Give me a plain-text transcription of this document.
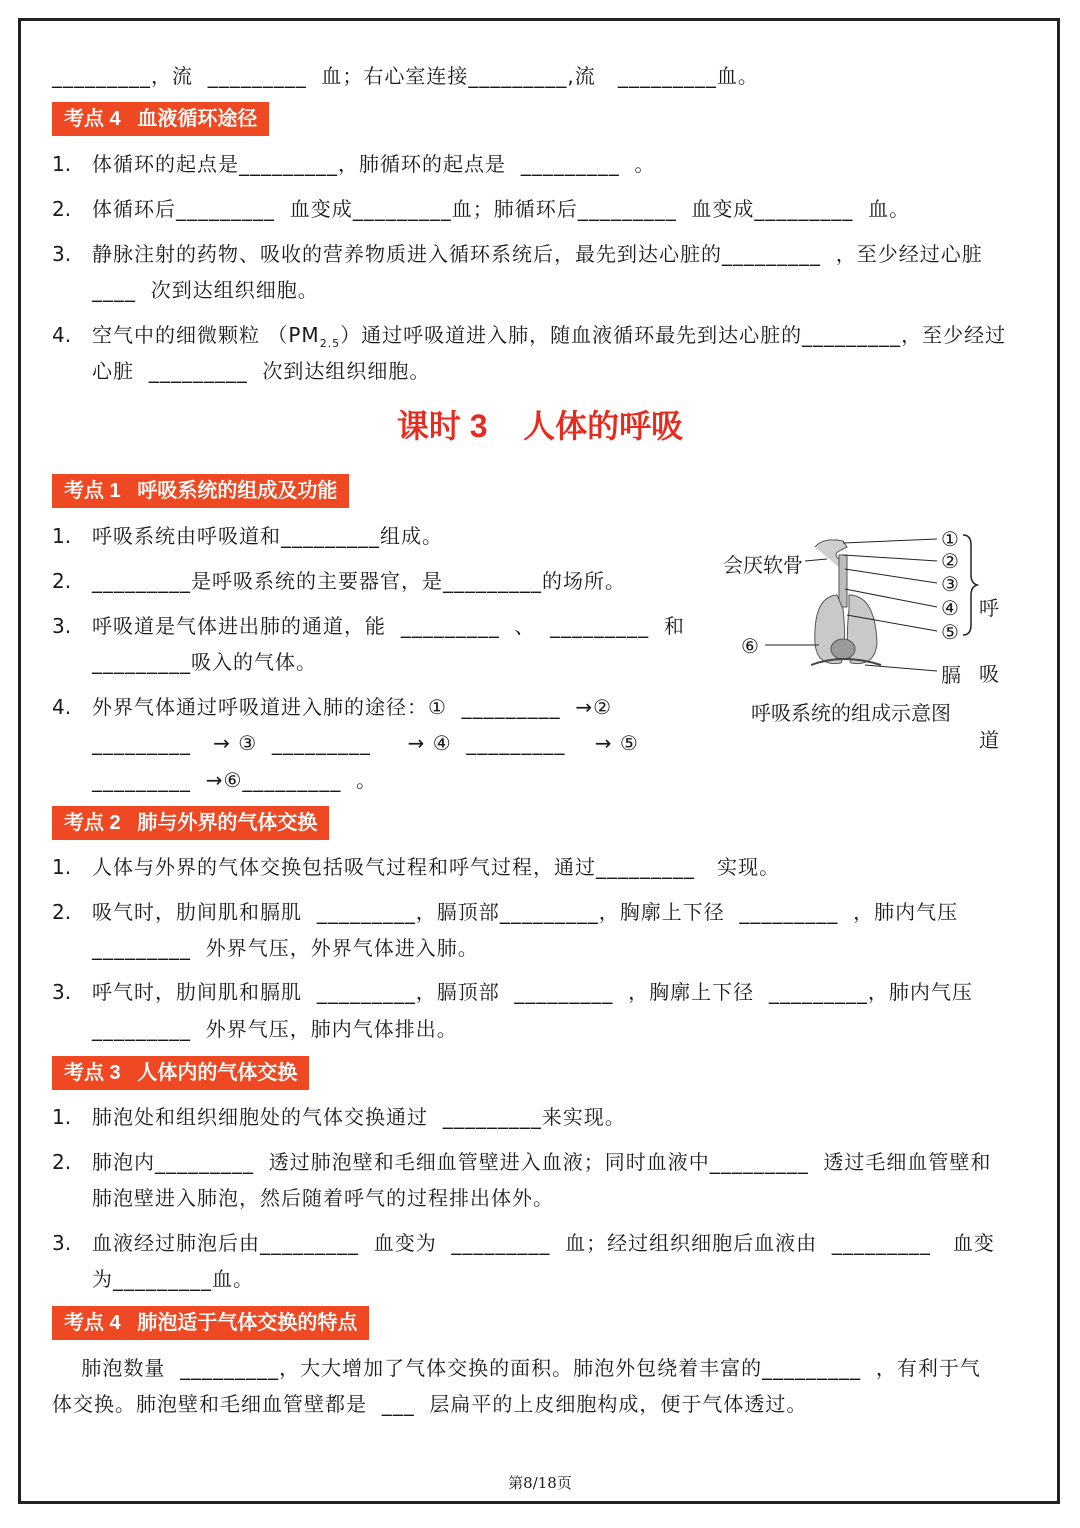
_________，流  _________  血；右心室连接_________,流   _________血。
考点 4   血液循环途径
1. 体循环的起点是_________，肺循环的起点是  _________  。
2. 体循环后_________  血变成_________血；肺循环后_________  血变成_________  血。
3. 静脉注射的药物、吸收的营养物质进入循环系统后，最先到达心脏的_________  ，至少经过心脏
____  次到达组织细胞。
4. 空气中的细微颗粒 $(PM_{2.5})$通过呼吸道进入肺，随血液循环最先到达心脏的_________，至少经过
心脏  _________  次到达组织细胞。
课时 3    人体的呼吸
考点 1   呼吸系统的组成及功能
1. 呼吸系统由呼吸道和_________组成。
2. _________是呼吸系统的主要器官，是_________的场所。
3. 呼吸道是气体进出肺的通道，能  _________  、  _________  和
_________吸入的气体。
4. 外界气体通过呼吸道进入肺的途径：①  _________  →②
_________   → ③  _________     → ④  _________    → ⑤
_________  →⑥_________  。
会厌软骨
①
②
③
④
⑤
⑥

呼

吸

道

膈
呼吸系统的组成示意图
考点 2   肺与外界的气体交换
1. 人体与外界的气体交换包括吸气过程和呼气过程，通过_________   实现。
2. 吸气时，肋间肌和膈肌  _________，膈顶部_________，胸廓上下径  _________  ，肺内气压
_________  外界气压，外界气体进入肺。
3. 呼气时，肋间肌和膈肌  _________，膈顶部  _________  ，胸廓上下径  _________，肺内气压
_________  外界气压，肺内气体排出。
考点 3   人体内的气体交换
1. 肺泡处和组织细胞处的气体交换通过  _________来实现。
2. 肺泡内_________  透过肺泡壁和毛细血管壁进入血液；同时血液中_________  透过毛细血管壁和
肺泡壁进入肺泡，然后随着呼气的过程排出体外。
3. 血液经过肺泡后由_________  血变为  _________  血；经过组织细胞后血液由  _________   血变
为_________血。
考点 4   肺泡适于气体交换的特点
肺泡数量  _________，大大增加了气体交换的面积。肺泡外包绕着丰富的_________  ，有利于气
体交换。肺泡壁和毛细血管壁都是  ___  层扁平的上皮细胞构成，便于气体透过。
第8/18页
